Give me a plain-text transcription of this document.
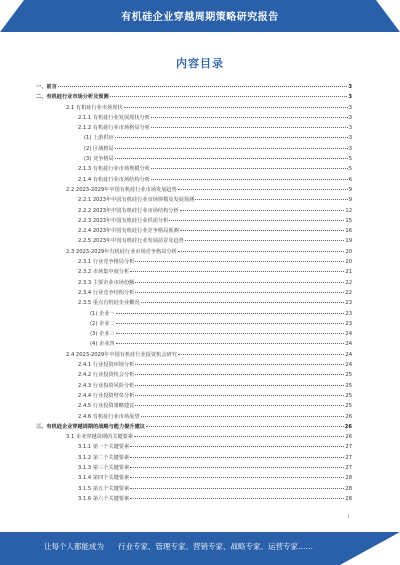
有机硅企业穿越周期策略研究报告
内容目录
一、前言	3
二、有机硅行业市场分析及预测	3
2.1 有机硅行业市场现状	3
2.1.1 有机硅行业发展现状分析	3
2.1.2 有机硅行业市场格局分析	3
(1) 上游供应	3
(2) 区域格局	3
(3) 竞争格局	5
2.1.3 有机硅行业市场规模分析	5
2.1.4 有机硅行业市场结构分析	6
2.2 2023-2029年中国有机硅行业市场发展趋势	9
2.2.1 2023年中国有机硅行业市场规模及发展预测	9
2.2.2 2023年中国有机硅行业市场结构分析	12
2.2.3 2023年中国有机硅行业供需分析	15
2.2.4 2023年中国有机硅行业竞争格局预测	16
2.2.5 2023年中国有机硅行业发展前景及趋势	19
2.3 2023-2029年有机硅行业市场竞争格局分析	20
2.3.1 行业竞争格局分析	20
2.3.2 市场集中度分析	21
2.3.3 主要企业市场份额	22
2.3.4 行业竞争结构分析	22
2.3.5 重点有机硅企业概况	23
(1) 企业一	23
(2) 企业二	23
(3) 企业三	24
(4) 企业四	24
2.4 2023-2029年中国有机硅行业投资机会研究	24
2.4.1 行业投资环境分析	24
2.4.2 行业投资机会分析	25
2.4.3 行业投资风险分析	25
2.4.4 行业投资壁垒分析	25
2.4.5 行业投资策略建议	25
2.4.6 有机硅行业市场展望	26
三、有机硅企业穿越周期的战略与能力提升建议	26
3.1 企业穿越周期的关键要素	26
3.1.1 第一个关键要素	27
3.1.2 第二个关键要素	27
3.1.3 第三个关键要素	27
3.1.4 第四个关键要素	28
3.1.5 第五个关键要素	28
3.1.6 第六个关键要素	28
1
让每个人都能成为 行业专家、管理专家、营销专家、战略专家、运营专家……
